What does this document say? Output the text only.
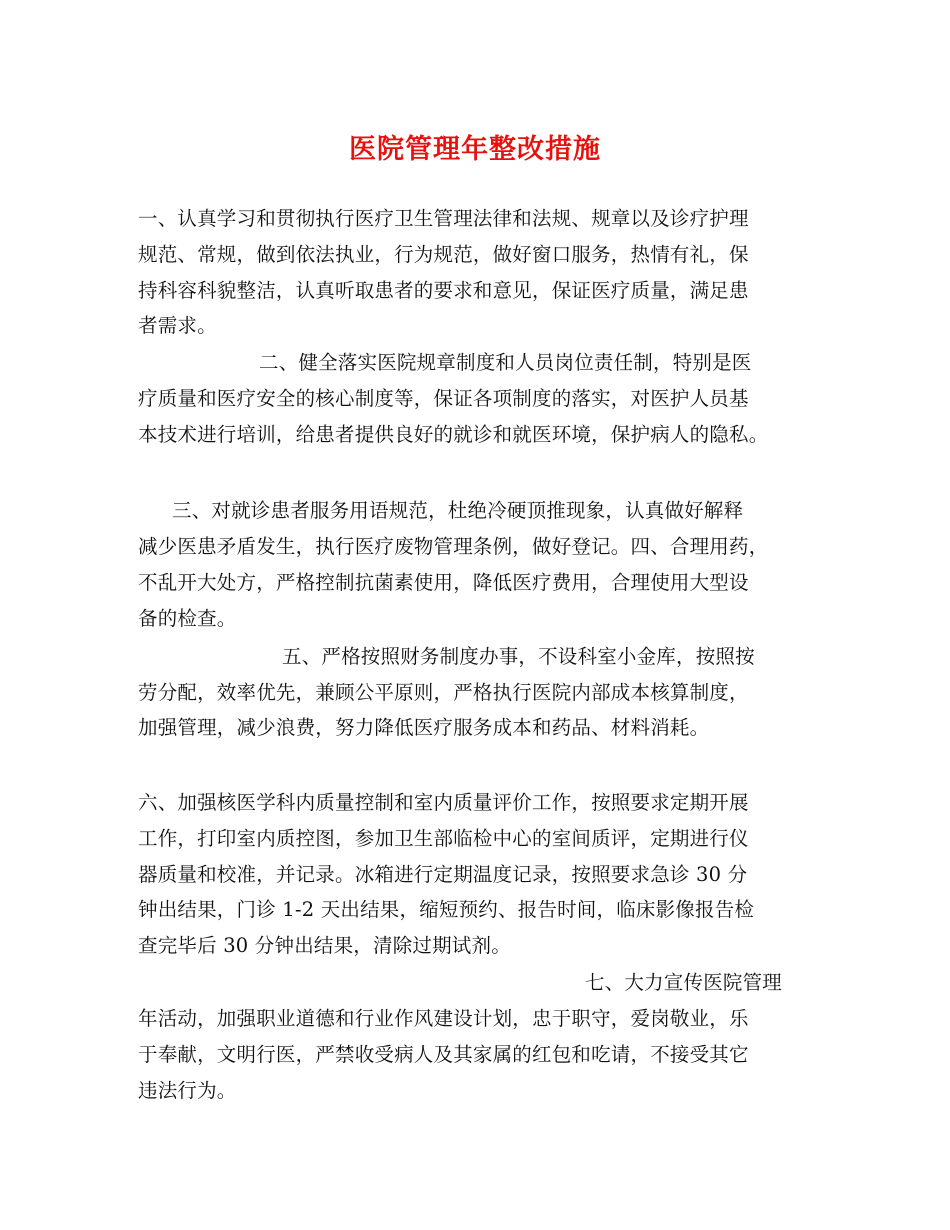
医院管理年整改措施
一、认真学习和贯彻执行医疗卫生管理法律和法规、规章以及诊疗护理
规范、常规，做到依法执业，行为规范，做好窗口服务，热情有礼，保
持科容科貌整洁，认真听取患者的要求和意见，保证医疗质量，满足患
者需求。
二、健全落实医院规章制度和人员岗位责任制，特别是医
疗质量和医疗安全的核心制度等，保证各项制度的落实，对医护人员基
本技术进行培训，给患者提供良好的就诊和就医环境，保护病人的隐私。
三、对就诊患者服务用语规范，杜绝冷硬顶推现象，认真做好解释
减少医患矛盾发生，执行医疗废物管理条例，做好登记。四、合理用药，
不乱开大处方，严格控制抗菌素使用，降低医疗费用，合理使用大型设
备的检查。
五、严格按照财务制度办事，不设科室小金库，按照按
劳分配，效率优先，兼顾公平原则，严格执行医院内部成本核算制度，
加强管理，减少浪费，努力降低医疗服务成本和药品、材料消耗。
六、加强核医学科内质量控制和室内质量评价工作，按照要求定期开展
工作，打印室内质控图，参加卫生部临检中心的室间质评，定期进行仪
器质量和校准，并记录。冰箱进行定期温度记录，按照要求急诊 30 分
钟出结果，门诊 1-2 天出结果，缩短预约、报告时间，临床影像报告检
查完毕后 30 分钟出结果，清除过期试剂。
七、大力宣传医院管理
年活动，加强职业道德和行业作风建设计划，忠于职守，爱岗敬业，乐
于奉献，文明行医，严禁收受病人及其家属的红包和吃请，不接受其它
违法行为。
